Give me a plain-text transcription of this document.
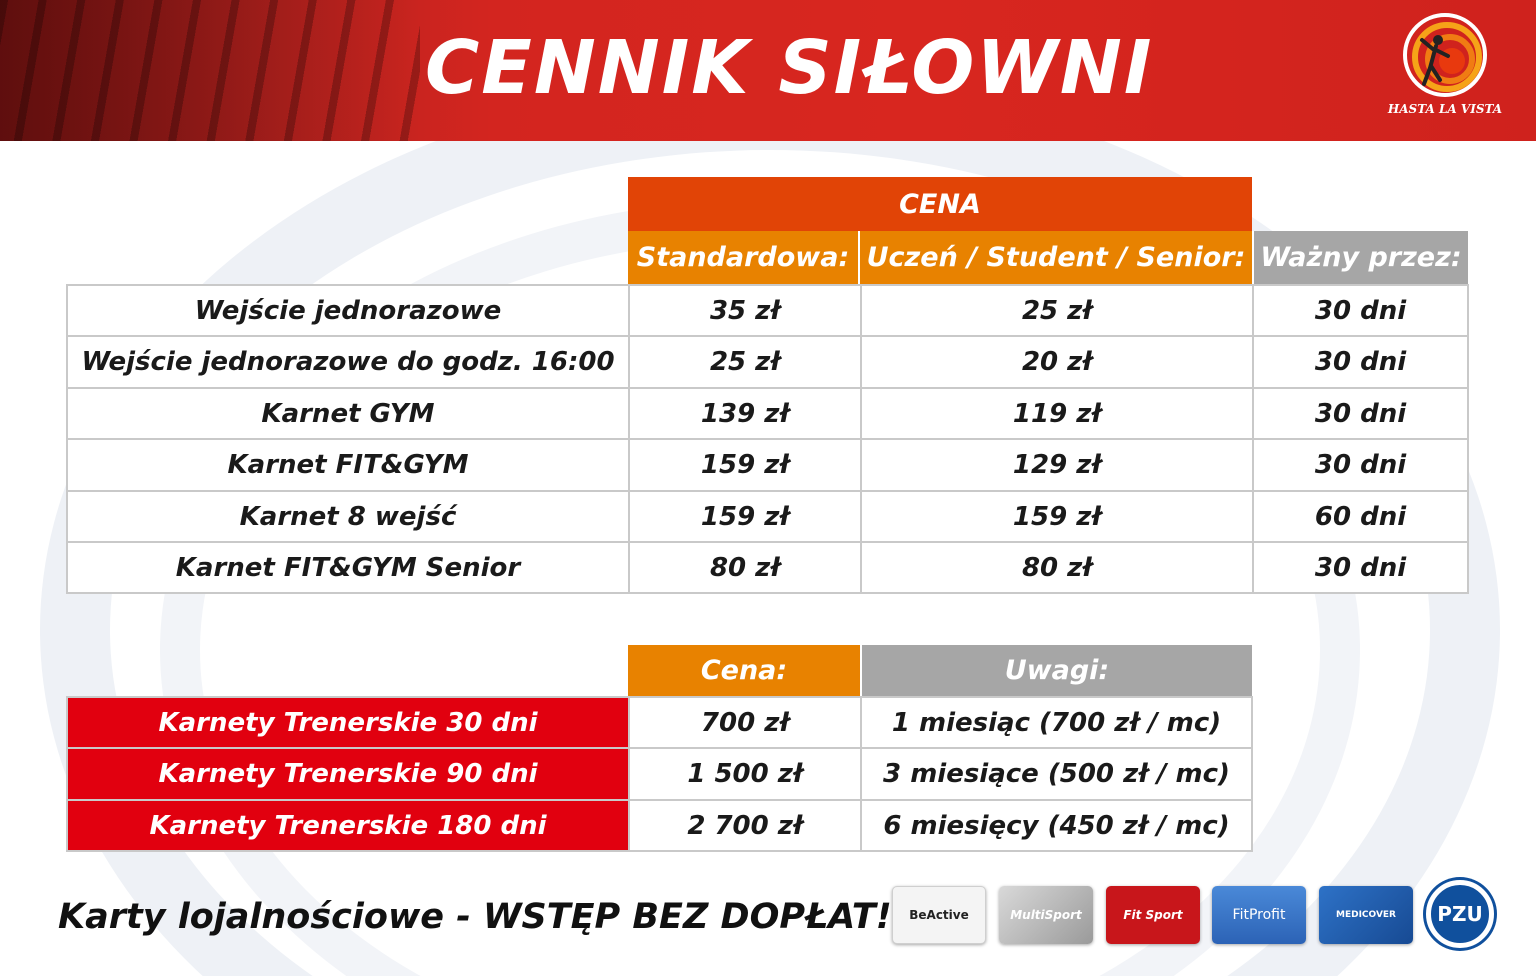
CENNIK SIŁOWNI	HASTA LA VISTA
CENA
Standardowa: Uczeń / Student / Senior: Ważny przez:
Wejście jednorazowe	35 zł	25 zł	30 dni
Wejście jednorazowe do godz. 16:00	25 zł	20 zł	30 dni
Karnet GYM	139 zł	119 zł	30 dni
Karnet FIT&GYM	159 zł	129 zł	30 dni
Karnet 8 wejść	159 zł	159 zł	60 dni
Karnet FIT&GYM Senior	80 zł	80 zł	30 dni
Cena:	Uwagi:
Karnety Trenerskie 30 dni	700 zł	1 miesiąc (700 zł / mc)
Karnety Trenerskie 90 dni	1 500 zł	3 miesiące (500 zł / mc)
Karnety Trenerskie 180 dni	2 700 zł	6 miesięcy (450 zł / mc)
Karty lojalnościowe - WSTĘP BEZ DOPŁAT!	BeActive	MultiSport	Fit Sport	FitProfit	MEDICOVER	PZU
